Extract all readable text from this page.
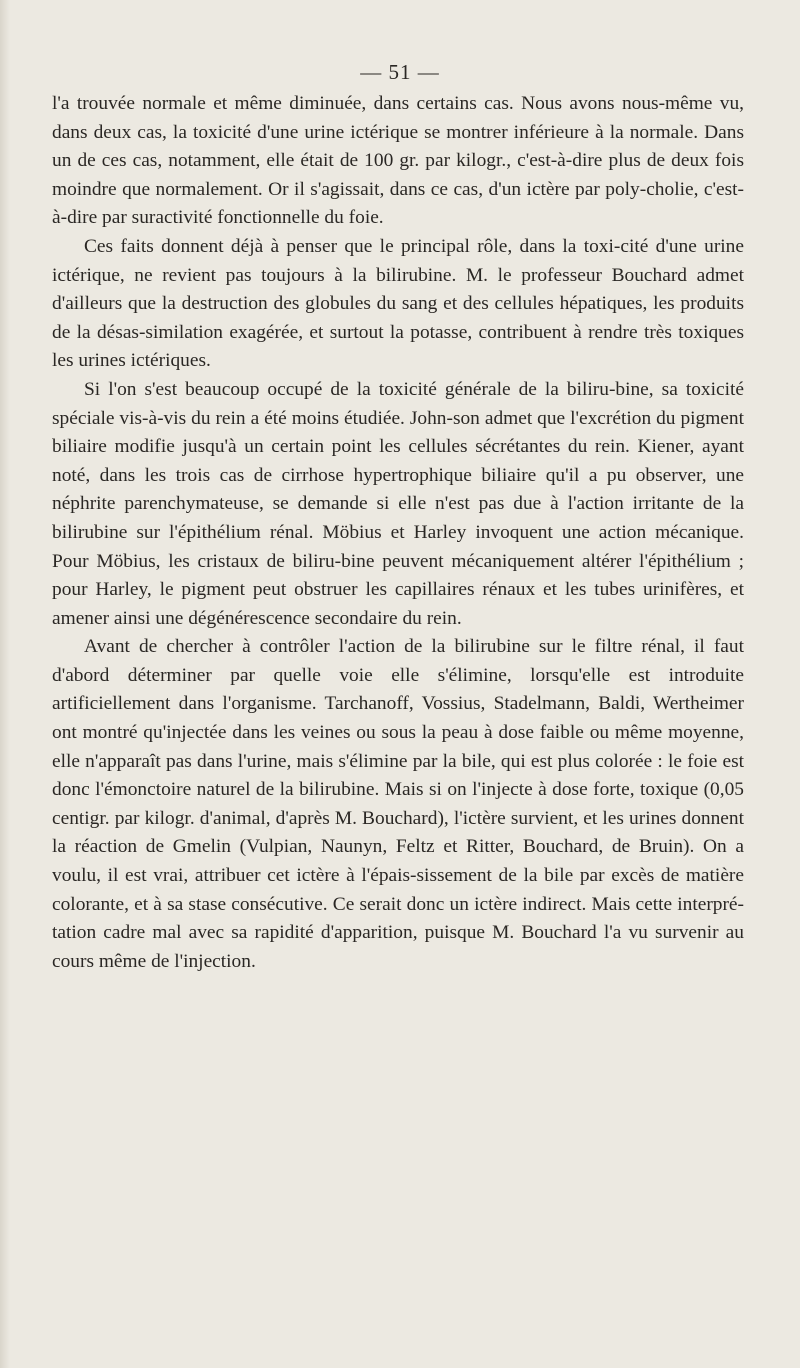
— 51 —

l'a trouvée normale et même diminuée, dans certains cas. Nous avons nous-même vu, dans deux cas, la toxicité d'une urine ictérique se montrer inférieure à la normale. Dans un de ces cas, notamment, elle était de 100 gr. par kilogr., c'est-à-dire plus de deux fois moindre que normalement. Or il s'agissait, dans ce cas, d'un ictère par poly-cholie, c'est-à-dire par suractivité fonctionnelle du foie.

Ces faits donnent déjà à penser que le principal rôle, dans la toxi-cité d'une urine ictérique, ne revient pas toujours à la bilirubine. M. le professeur Bouchard admet d'ailleurs que la destruction des globules du sang et des cellules hépatiques, les produits de la désas-similation exagérée, et surtout la potasse, contribuent à rendre très toxiques les urines ictériques.

Si l'on s'est beaucoup occupé de la toxicité générale de la biliru-bine, sa toxicité spéciale vis-à-vis du rein a été moins étudiée. John-son admet que l'excrétion du pigment biliaire modifie jusqu'à un certain point les cellules sécrétantes du rein. Kiener, ayant noté, dans les trois cas de cirrhose hypertrophique biliaire qu'il a pu observer, une néphrite parenchymateuse, se demande si elle n'est pas due à l'action irritante de la bilirubine sur l'épithélium rénal. Möbius et Harley invoquent une action mécanique. Pour Möbius, les cristaux de biliru-bine peuvent mécaniquement altérer l'épithélium ; pour Harley, le pigment peut obstruer les capillaires rénaux et les tubes urinifères, et amener ainsi une dégénérescence secondaire du rein.

Avant de chercher à contrôler l'action de la bilirubine sur le filtre rénal, il faut d'abord déterminer par quelle voie elle s'élimine, lorsqu'elle est introduite artificiellement dans l'organisme. Tarchanoff, Vossius, Stadelmann, Baldi, Wertheimer ont montré qu'injectée dans les veines ou sous la peau à dose faible ou même moyenne, elle n'apparaît pas dans l'urine, mais s'élimine par la bile, qui est plus colorée : le foie est donc l'émonctoire naturel de la bilirubine. Mais si on l'injecte à dose forte, toxique (0,05 centigr. par kilogr. d'animal, d'après M. Bouchard), l'ictère survient, et les urines donnent la réaction de Gmelin (Vulpian, Naunyn, Feltz et Ritter, Bouchard, de Bruin). On a voulu, il est vrai, attribuer cet ictère à l'épais-sissement de la bile par excès de matière colorante, et à sa stase consécutive. Ce serait donc un ictère indirect. Mais cette interpré-tation cadre mal avec sa rapidité d'apparition, puisque M. Bouchard l'a vu survenir au cours même de l'injection.
